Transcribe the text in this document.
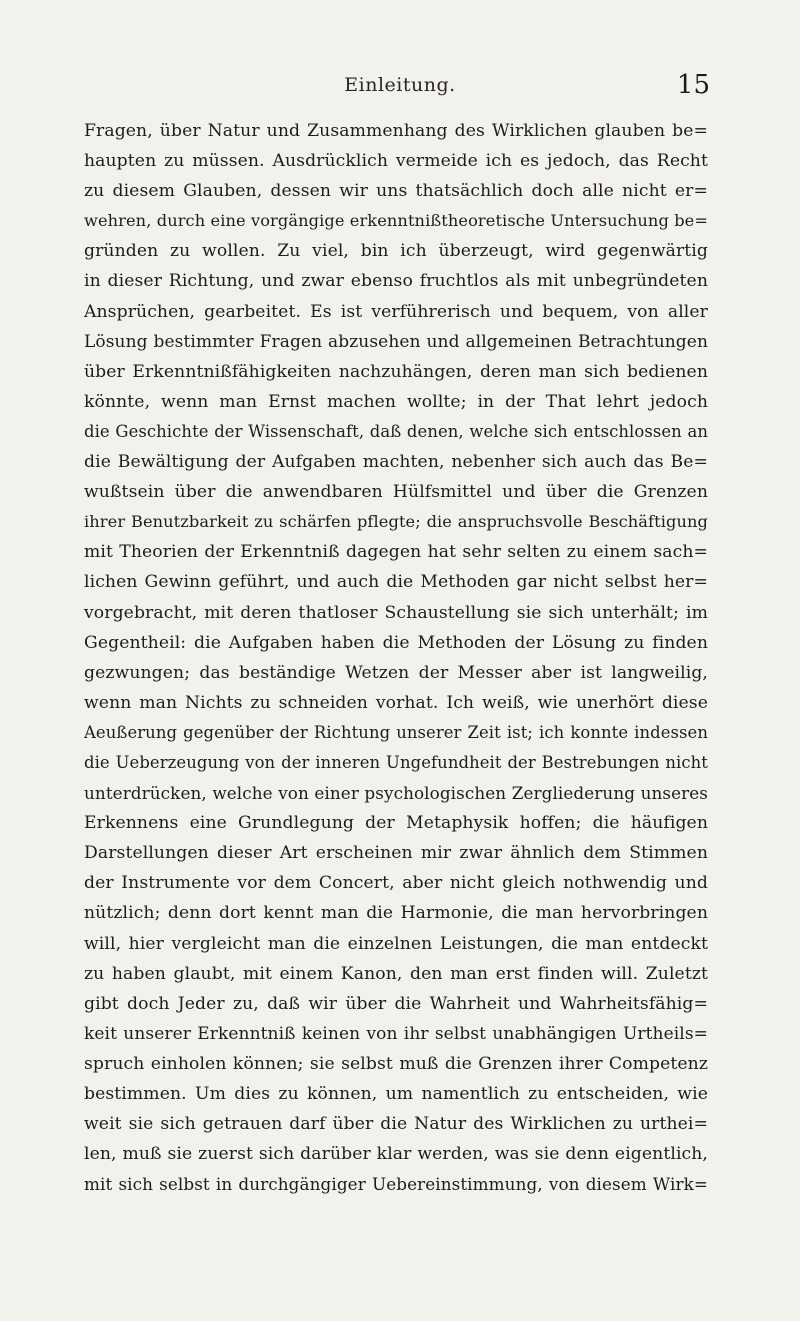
Einleitung.	15
Fragen, über Natur und Zusammenhang des Wirklichen glauben be=
haupten zu müssen. Ausdrücklich vermeide ich es jedoch, das Recht
zu diesem Glauben, dessen wir uns thatsächlich doch alle nicht er=
wehren, durch eine vorgängige erkenntnißtheoretische Untersuchung be=
gründen zu wollen. Zu viel, bin ich überzeugt, wird gegenwärtig
in dieser Richtung, und zwar ebenso fruchtlos als mit unbegründeten
Ansprüchen, gearbeitet. Es ist verführerisch und bequem, von aller
Lösung bestimmter Fragen abzusehen und allgemeinen Betrachtungen
über Erkenntnißfähigkeiten nachzuhängen, deren man sich bedienen
könnte, wenn man Ernst machen wollte; in der That lehrt jedoch
die Geschichte der Wissenschaft, daß denen, welche sich entschlossen an
die Bewältigung der Aufgaben machten, nebenher sich auch das Be=
wußtsein über die anwendbaren Hülfsmittel und über die Grenzen
ihrer Benutzbarkeit zu schärfen pflegte; die anspruchsvolle Beschäftigung
mit Theorien der Erkenntniß dagegen hat sehr selten zu einem sach=
lichen Gewinn geführt, und auch die Methoden gar nicht selbst her=
vorgebracht, mit deren thatloser Schaustellung sie sich unterhält; im
Gegentheil: die Aufgaben haben die Methoden der Lösung zu finden
gezwungen; das beständige Wetzen der Messer aber ist langweilig,
wenn man Nichts zu schneiden vorhat. Ich weiß, wie unerhört diese
Aeußerung gegenüber der Richtung unserer Zeit ist; ich konnte indessen
die Ueberzeugung von der inneren Ungefundheit der Bestrebungen nicht
unterdrücken, welche von einer psychologischen Zergliederung unseres
Erkennens eine Grundlegung der Metaphysik hoffen; die häufigen
Darstellungen dieser Art erscheinen mir zwar ähnlich dem Stimmen
der Instrumente vor dem Concert, aber nicht gleich nothwendig und
nützlich; denn dort kennt man die Harmonie, die man hervorbringen
will, hier vergleicht man die einzelnen Leistungen, die man entdeckt
zu haben glaubt, mit einem Kanon, den man erst finden will. Zuletzt
gibt doch Jeder zu, daß wir über die Wahrheit und Wahrheitsfähig=
keit unserer Erkenntniß keinen von ihr selbst unabhängigen Urtheils=
spruch einholen können; sie selbst muß die Grenzen ihrer Competenz
bestimmen. Um dies zu können, um namentlich zu entscheiden, wie
weit sie sich getrauen darf über die Natur des Wirklichen zu urthei=
len, muß sie zuerst sich darüber klar werden, was sie denn eigentlich,
mit sich selbst in durchgängiger Uebereinstimmung, von diesem Wirk=
